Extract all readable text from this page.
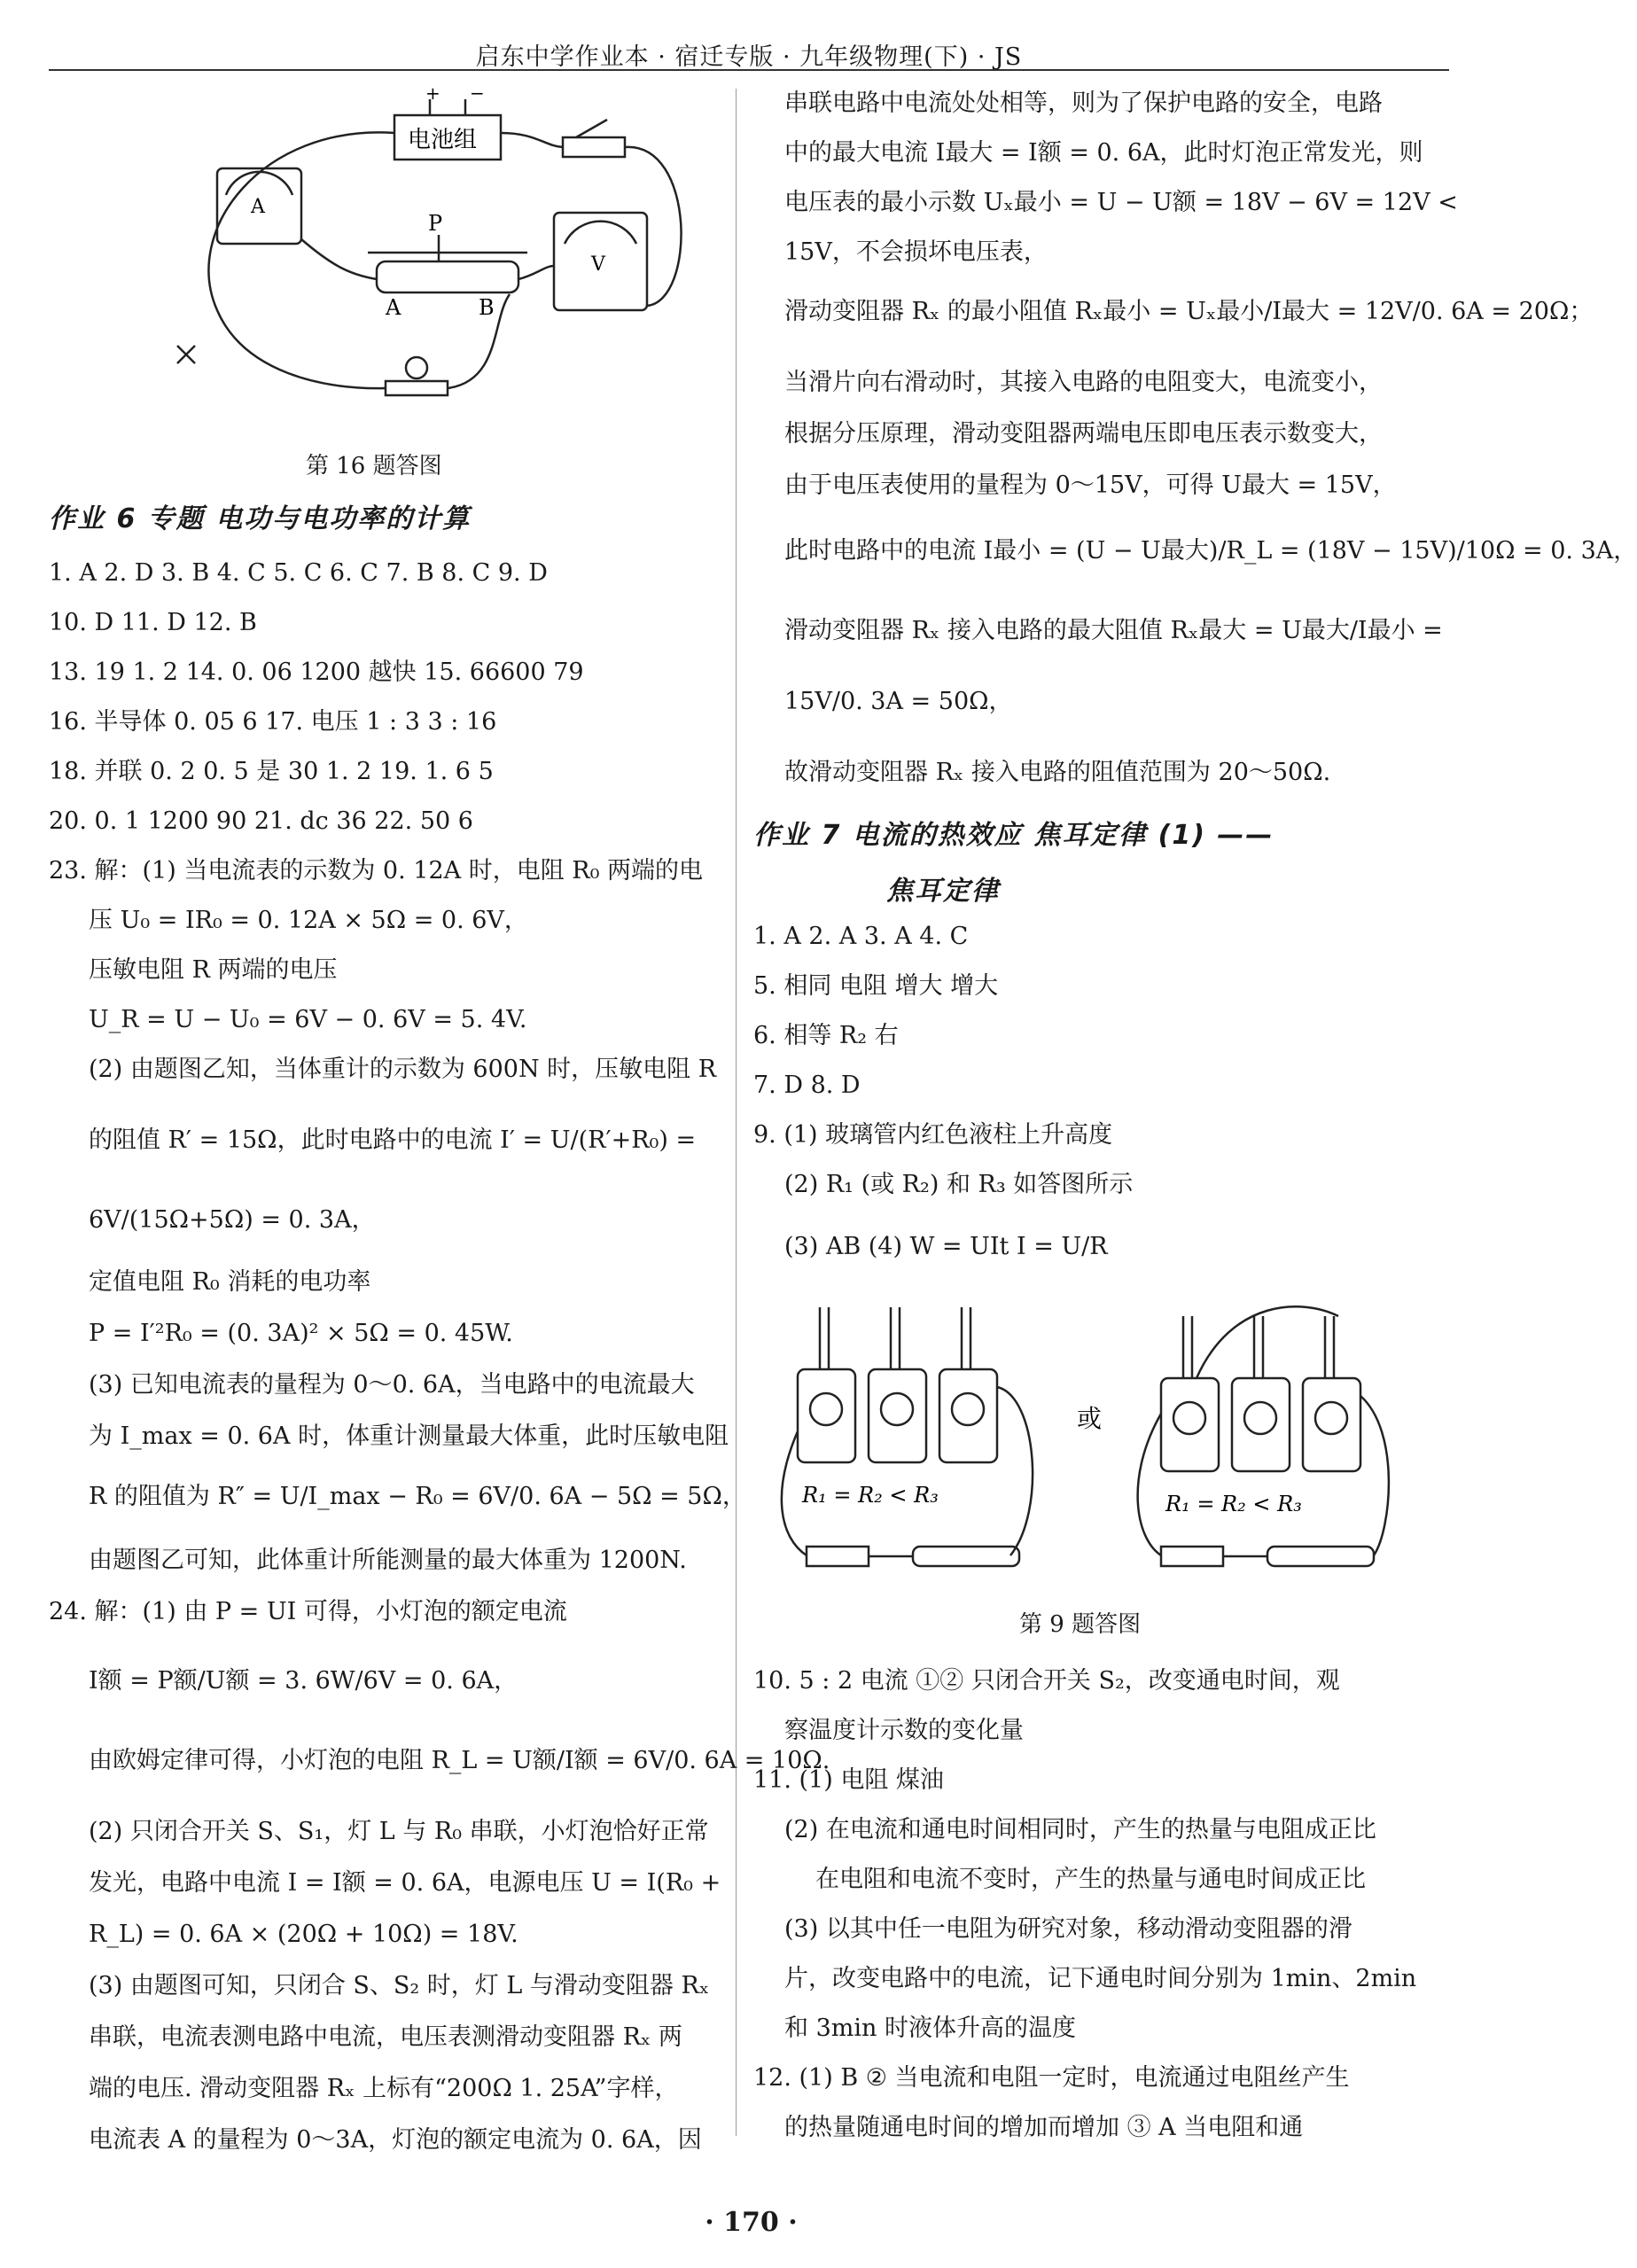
启东中学作业本 · 宿迁专版 · 九年级物理(下) · JS
电池组
+ −
A
V
P
A	B
第 16 题答图
作业 6 专题 电功与电功率的计算
1. A 2. D 3. B 4. C 5. C 6. C 7. B 8. C 9. D
10. D 11. D 12. B
13. 19 1. 2 14. 0. 06 1200 越快 15. 66600 79
16. 半导体 0. 05 6 17. 电压 1 : 3 3 : 16
18. 并联 0. 2 0. 5 是 30 1. 2 19. 1. 6 5
20. 0. 1 1200 90 21. dc 36 22. 50 6
23. 解：(1) 当电流表的示数为 0. 12A 时，电阻 R₀ 两端的电
压 U₀ = IR₀ = 0. 12A × 5Ω = 0. 6V，
压敏电阻 R 两端的电压
U_R = U − U₀ = 6V − 0. 6V = 5. 4V.
(2) 由题图乙知，当体重计的示数为 600N 时，压敏电阻 R
的阻值 R′ = 15Ω，此时电路中的电流 I′ = U/(R′+R₀) =
6V/(15Ω+5Ω) = 0. 3A，
定值电阻 R₀ 消耗的电功率
P = I′²R₀ = (0. 3A)² × 5Ω = 0. 45W.
(3) 已知电流表的量程为 0～0. 6A，当电路中的电流最大
为 I_max = 0. 6A 时，体重计测量最大体重，此时压敏电阻
R 的阻值为 R″ = U/I_max − R₀ = 6V/0. 6A − 5Ω = 5Ω，
由题图乙可知，此体重计所能测量的最大体重为 1200N.
24. 解：(1) 由 P = UI 可得，小灯泡的额定电流
I额 = P额/U额 = 3. 6W/6V = 0. 6A，
由欧姆定律可得，小灯泡的电阻 R_L = U额/I额 = 6V/0. 6A = 10Ω.
(2) 只闭合开关 S、S₁，灯 L 与 R₀ 串联，小灯泡恰好正常
发光，电路中电流 I = I额 = 0. 6A，电源电压 U = I(R₀ +
R_L) = 0. 6A × (20Ω + 10Ω) = 18V.
(3) 由题图可知，只闭合 S、S₂ 时，灯 L 与滑动变阻器 Rₓ
串联，电流表测电路中电流，电压表测滑动变阻器 Rₓ 两
端的电压. 滑动变阻器 Rₓ 上标有“200Ω 1. 25A”字样，
电流表 A 的量程为 0～3A，灯泡的额定电流为 0. 6A，因
串联电路中电流处处相等，则为了保护电路的安全，电路
中的最大电流 I最大 = I额 = 0. 6A，此时灯泡正常发光，则
电压表的最小示数 Uₓ最小 = U − U额 = 18V − 6V = 12V <
15V，不会损坏电压表，
滑动变阻器 Rₓ 的最小阻值 Rₓ最小 = Uₓ最小/I最大 = 12V/0. 6A = 20Ω；
当滑片向右滑动时，其接入电路的电阻变大，电流变小，
根据分压原理，滑动变阻器两端电压即电压表示数变大，
由于电压表使用的量程为 0～15V，可得 U最大 = 15V，
此时电路中的电流 I最小 = (U − U最大)/R_L = (18V − 15V)/10Ω = 0. 3A，
滑动变阻器 Rₓ 接入电路的最大阻值 Rₓ最大 = U最大/I最小 =
15V/0. 3A = 50Ω，
故滑动变阻器 Rₓ 接入电路的阻值范围为 20～50Ω.
作业 7 电流的热效应 焦耳定律 (1) ——
焦耳定律
1. A 2. A 3. A 4. C
5. 相同 电阻 增大 增大
6. 相等 R₂ 右
7. D 8. D
9. (1) 玻璃管内红色液柱上升高度
(2) R₁ (或 R₂) 和 R₃ 如答图所示
(3) AB (4) W = UIt I = U/R
R₁ = R₂ < R₃
或
R₁ = R₂ < R₃
第 9 题答图
10. 5 : 2 电流 ①② 只闭合开关 S₂，改变通电时间，观
察温度计示数的变化量
11. (1) 电阻 煤油
(2) 在电流和通电时间相同时，产生的热量与电阻成正比
在电阻和电流不变时，产生的热量与通电时间成正比
(3) 以其中任一电阻为研究对象，移动滑动变阻器的滑
片，改变电路中的电流，记下通电时间分别为 1min、2min
和 3min 时液体升高的温度
12. (1) B ② 当电流和电阻一定时，电流通过电阻丝产生
的热量随通电时间的增加而增加 ③ A 当电阻和通
· 170 ·
